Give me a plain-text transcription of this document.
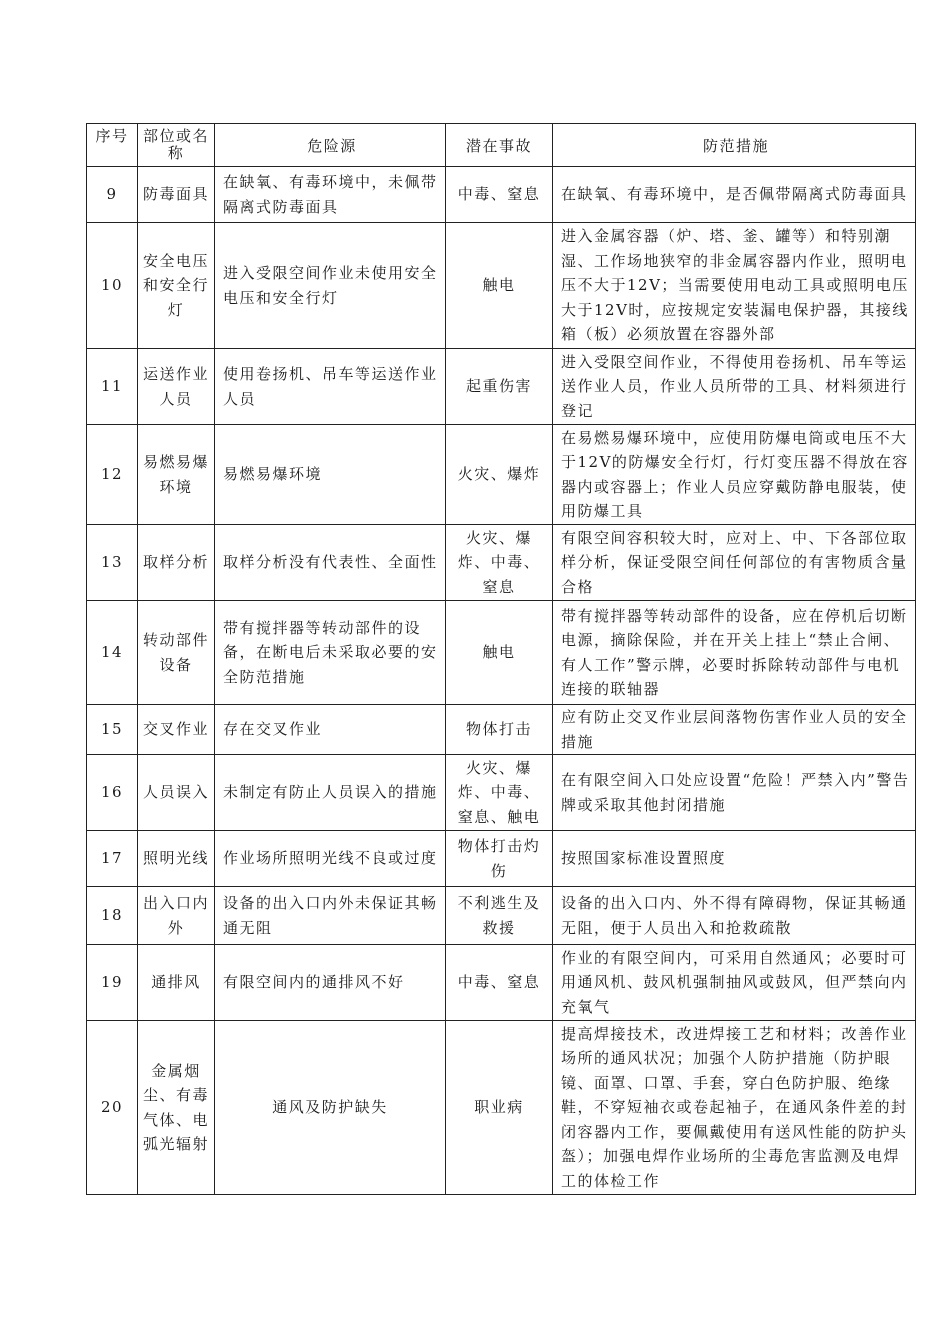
序号	部位或名称	危险源	潜在事故	防范措施

9	防毒面具	在缺氧、有毒环境中，未佩带隔离式防毒面具	中毒、窒息	在缺氧、有毒环境中，是否佩带隔离式防毒面具
10	安全电压和安全行灯	进入受限空间作业未使用安全电压和安全行灯	触电	进入金属容器（炉、塔、釜、罐等）和特别潮湿、工作场地狭窄的非金属容器内作业，照明电压不大于12V；当需要使用电动工具或照明电压大于12V时，应按规定安装漏电保护器，其接线箱（板）必须放置在容器外部
11	运送作业人员	使用卷扬机、吊车等运送作业人员	起重伤害	进入受限空间作业，不得使用卷扬机、吊车等运送作业人员，作业人员所带的工具、材料须进行登记
12	易燃易爆环境	易燃易爆环境	火灾、爆炸	在易燃易爆环境中，应使用防爆电筒或电压不大于12V的防爆安全行灯，行灯变压器不得放在容器内或容器上；作业人员应穿戴防静电服装，使用防爆工具
13	取样分析	取样分析没有代表性、全面性	火灾、爆炸、中毒、窒息	有限空间容积较大时，应对上、中、下各部位取样分析，保证受限空间任何部位的有害物质含量合格
14	转动部件设备	带有搅拌器等转动部件的设备，在断电后未采取必要的安全防范措施	触电	带有搅拌器等转动部件的设备，应在停机后切断电源，摘除保险，并在开关上挂上“禁止合闸、有人工作”警示牌，必要时拆除转动部件与电机连接的联轴器
15	交叉作业	存在交叉作业	物体打击	应有防止交叉作业层间落物伤害作业人员的安全措施
16	人员误入	未制定有防止人员误入的措施	火灾、爆炸、中毒、窒息、触电	在有限空间入口处应设置“危险！严禁入内”警告牌或采取其他封闭措施
17	照明光线	作业场所照明光线不良或过度	物体打击灼伤	按照国家标准设置照度
18	出入口内外	设备的出入口内外未保证其畅通无阻	不利逃生及救援	设备的出入口内、外不得有障碍物，保证其畅通无阻，便于人员出入和抢救疏散
19	通排风	有限空间内的通排风不好	中毒、窒息	作业的有限空间内，可采用自然通风；必要时可用通风机、鼓风机强制抽风或鼓风，但严禁向内充氧气
20	金属烟尘、有毒气体、电弧光辐射	通风及防护缺失	职业病	提高焊接技术，改进焊接工艺和材料；改善作业场所的通风状况；加强个人防护措施（防护眼镜、面罩、口罩、手套，穿白色防护服、绝缘鞋，不穿短袖衣或卷起袖子，在通风条件差的封闭容器内工作，要佩戴使用有送风性能的防护头盔）；加强电焊作业场所的尘毒危害监测及电焊工的体检工作
